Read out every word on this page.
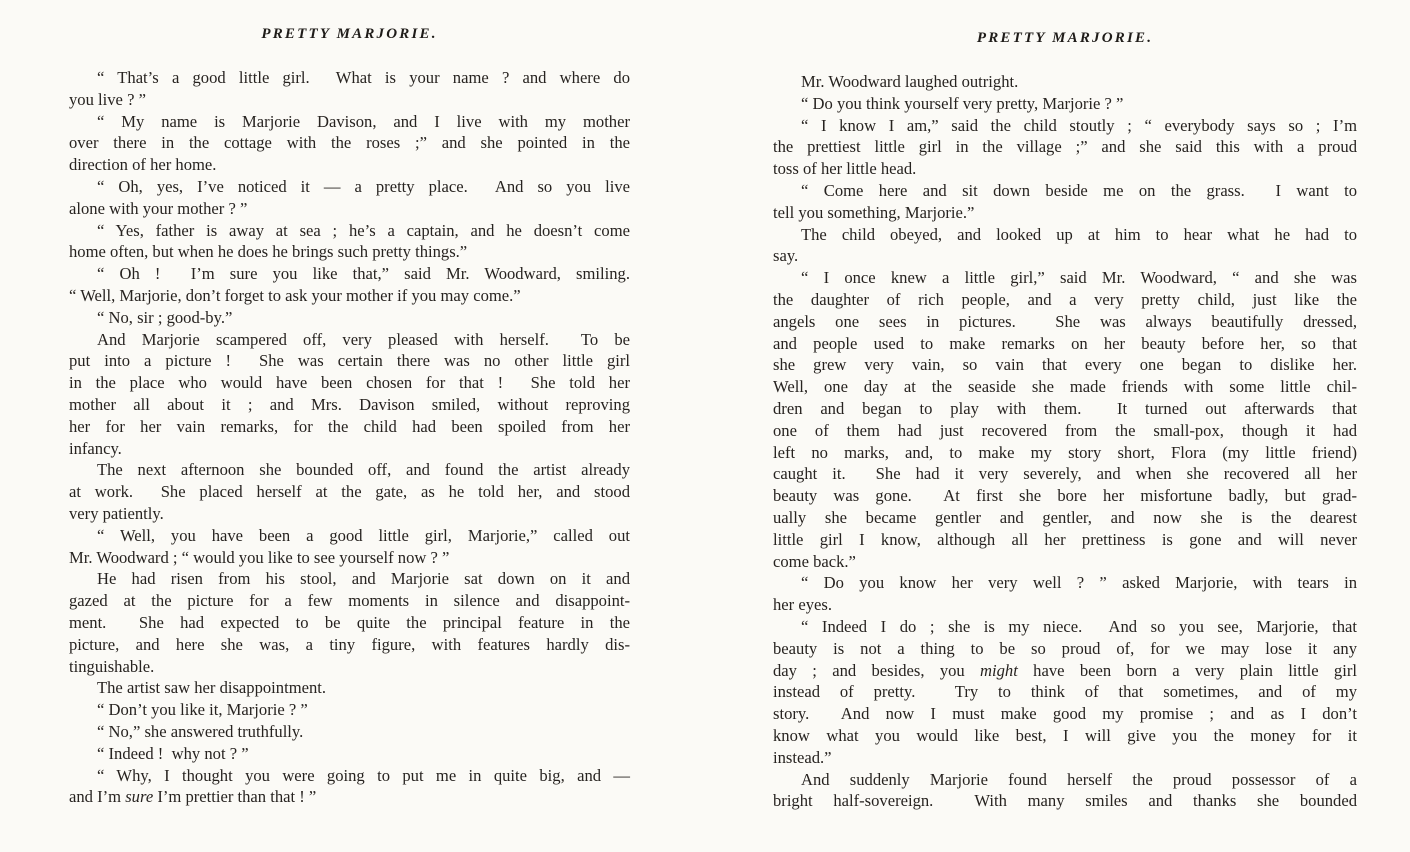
PRETTY MARJORIE.
“ That’s a good little girl.  What is your name ? and where do
you live ? ”
“ My name is Marjorie Davison, and I live with my mother
over there in the cottage with the roses ;” and she pointed in the
direction of her home.
“ Oh, yes, I’ve noticed it — a pretty place.  And so you live
alone with your mother ? ”
“ Yes, father is away at sea ; he’s a captain, and he doesn’t come
home often, but when he does he brings such pretty things.”
“ Oh !  I’m sure you like that,” said Mr. Woodward, smiling.
“ Well, Marjorie, don’t forget to ask your mother if you may come.”
“ No, sir ; good-by.”
And Marjorie scampered off, very pleased with herself.  To be
put into a picture !  She was certain there was no other little girl
in the place who would have been chosen for that !  She told her
mother all about it ; and Mrs. Davison smiled, without reproving
her for her vain remarks, for the child had been spoiled from her
infancy.
The next afternoon she bounded off, and found the artist already
at work.  She placed herself at the gate, as he told her, and stood
very patiently.
“ Well, you have been a good little girl, Marjorie,” called out
Mr. Woodward ; “ would you like to see yourself now ? ”
He had risen from his stool, and Marjorie sat down on it and
gazed at the picture for a few moments in silence and disappoint-
ment.  She had expected to be quite the principal feature in the
picture, and here she was, a tiny figure, with features hardly dis-
tinguishable.
The artist saw her disappointment.
“ Don’t you like it, Marjorie ? ”
“ No,” she answered truthfully.
“ Indeed !  why not ? ”
“ Why, I thought you were going to put me in quite big, and —
and I’m sure I’m prettier than that ! ”
PRETTY MARJORIE.
Mr. Woodward laughed outright.
“ Do you think yourself very pretty, Marjorie ? ”
“ I know I am,” said the child stoutly ; “ everybody says so ; I’m
the prettiest little girl in the village ;” and she said this with a proud
toss of her little head.
“ Come here and sit down beside me on the grass.  I want to
tell you something, Marjorie.”
The child obeyed, and looked up at him to hear what he had to
say.
“ I once knew a little girl,” said Mr. Woodward, “ and she was
the daughter of rich people, and a very pretty child, just like the
angels one sees in pictures.  She was always beautifully dressed,
and people used to make remarks on her beauty before her, so that
she grew very vain, so vain that every one began to dislike her.
Well, one day at the seaside she made friends with some little chil-
dren and began to play with them.  It turned out afterwards that
one of them had just recovered from the small-pox, though it had
left no marks, and, to make my story short, Flora (my little friend)
caught it.  She had it very severely, and when she recovered all her
beauty was gone.  At first she bore her misfortune badly, but grad-
ually she became gentler and gentler, and now she is the dearest
little girl I know, although all her prettiness is gone and will never
come back.”
“ Do you know her very well ? ” asked Marjorie, with tears in
her eyes.
“ Indeed I do ; she is my niece.  And so you see, Marjorie, that
beauty is not a thing to be so proud of, for we may lose it any
day ; and besides, you might have been born a very plain little girl
instead of pretty.  Try to think of that sometimes, and of my
story.  And now I must make good my promise ; and as I don’t
know what you would like best, I will give you the money for it
instead.”
And suddenly Marjorie found herself the proud possessor of a
bright half-sovereign.  With many smiles and thanks she bounded
